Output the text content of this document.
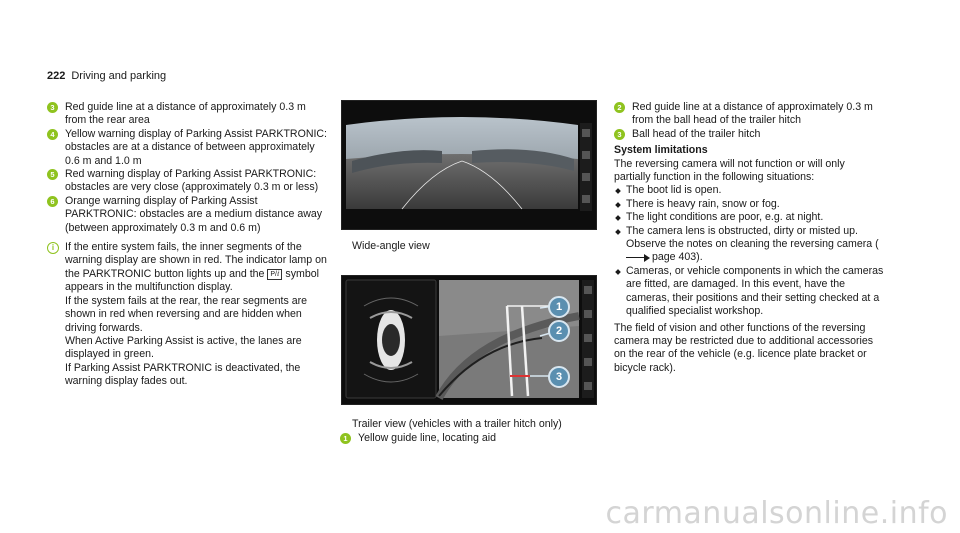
222 Driving and parking
3 Red guide line at a distance of approximately 0.3 m from the rear area
4 Yellow warning display of Parking Assist PARKTRONIC: obstacles are at a distance of between approximately 0.6 m and 1.0 m
5 Red warning display of Parking Assist PARKTRONIC: obstacles are very close (approximately 0.3 m or less)
6 Orange warning display of Parking Assist PARKTRONIC: obstacles are a medium distance away (between approximately 0.3 m and 0.6 m)
i	If the entire system fails, the inner segments of the warning display are shown in red. The indicator lamp on the PARKTRONIC button lights up and the P/ⅈ symbol appears in the multifunction display.
If the system fails at the rear, the rear segments are shown in red when reversing and are hidden when driving forwards.
When Active Parking Assist is active, the lanes are displayed in green.
If Parking Assist PARKTRONIC is deactivated, the warning display fades out.
Wide-angle view
1
2
3
Trailer view (vehicles with a trailer hitch only)
1 Yellow guide line, locating aid
2 Red guide line at a distance of approximately 0.3 m from the ball head of the trailer hitch
3 Ball head of the trailer hitch
System limitations
The reversing camera will not function or will only partially function in the following situations:
The boot lid is open.
There is heavy rain, snow or fog.
The light conditions are poor, e.g. at night.
The camera lens is obstructed, dirty or misted up. Observe the notes on cleaning the reversing camera (page 403).
Cameras, or vehicle components in which the cameras are fitted, are damaged. In this event, have the cameras, their positions and their setting checked at a qualified specialist workshop.
The field of vision and other functions of the reversing camera may be restricted due to additional accessories on the rear of the vehicle (e.g. licence plate bracket or bicycle rack).
carmanualsonline.info
